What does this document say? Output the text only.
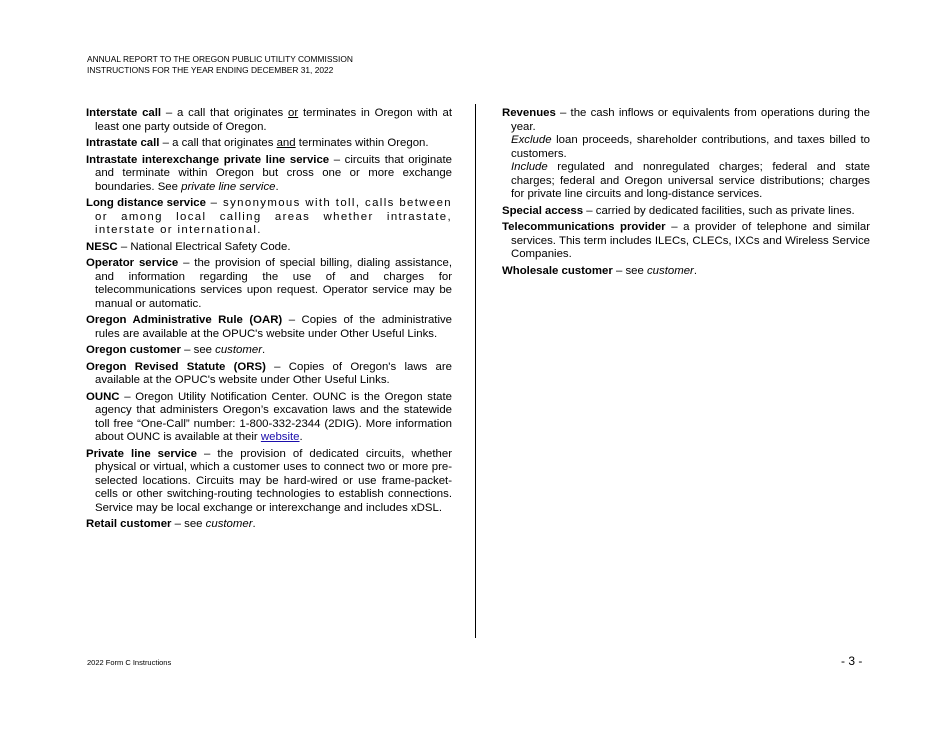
ANNUAL REPORT TO THE OREGON PUBLIC UTILITY COMMISSION
INSTRUCTIONS FOR THE YEAR ENDING DECEMBER 31, 2022

Interstate call – a call that originates or terminates in Oregon with at least one party outside of Oregon.

Intrastate call – a call that originates and terminates within Oregon.

Intrastate interexchange private line service – circuits that originate and terminate within Oregon but cross one or more exchange boundaries. See private line service.

Long distance service – synonymous with toll, calls between or among local calling areas whether intrastate, interstate or international.

NESC – National Electrical Safety Code.

Operator service – the provision of special billing, dialing assistance, and information regarding the use of and charges for telecommunications services upon request. Operator service may be manual or automatic.

Oregon Administrative Rule (OAR) – Copies of the administrative rules are available at the OPUC's website under Other Useful Links.

Oregon customer – see customer.

Oregon Revised Statute (ORS) – Copies of Oregon's laws are available at the OPUC's website under Other Useful Links.

OUNC – Oregon Utility Notification Center. OUNC is the Oregon state agency that administers Oregon’s excavation laws and the statewide toll free “One-Call” number: 1-800-332-2344 (2DIG). More information about OUNC is available at their website.

Private line service – the provision of dedicated circuits, whether physical or virtual, which a customer uses to connect two or more pre-selected locations. Circuits may be hard-wired or use frame-packet-cells or other switching-routing technologies to establish connections. Service may be local exchange or interexchange and includes xDSL.

Retail customer – see customer.

Revenues – the cash inflows or equivalents from operations during the year.
Exclude loan proceeds, shareholder contributions, and taxes billed to customers.
Include regulated and nonregulated charges; federal and state charges; federal and Oregon universal service distributions; charges for private line circuits and long-distance services.

Special access – carried by dedicated facilities, such as private lines.

Telecommunications provider – a provider of telephone and similar services. This term includes ILECs, CLECs, IXCs and Wireless Service Companies.

Wholesale customer – see customer.

2022 Form C Instructions	- 3 -
